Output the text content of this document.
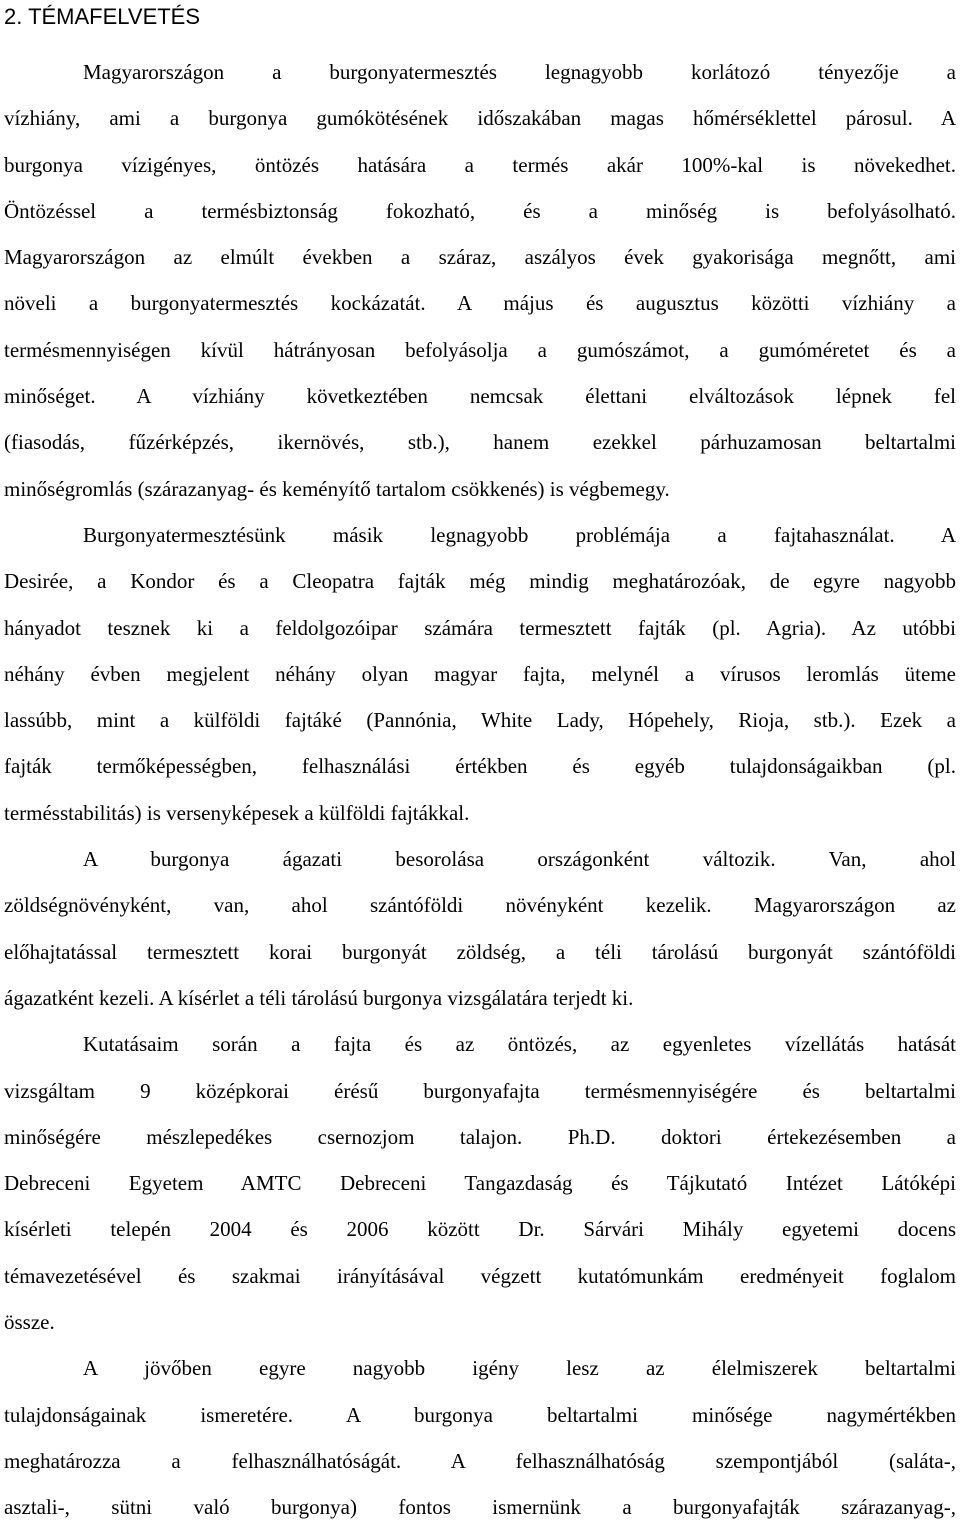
2. TÉMAFELVETÉS
Magyarországon a burgonyatermesztés legnagyobb korlátozó tényezője a
vízhiány, ami a burgonya gumókötésének időszakában magas hőmérséklettel párosul. A
burgonya vízigényes, öntözés hatására a termés akár 100%-kal is növekedhet.
Öntözéssel a termésbiztonság fokozható, és a minőség is befolyásolható.
Magyarországon az elmúlt években a száraz, aszályos évek gyakorisága megnőtt, ami
növeli a burgonyatermesztés kockázatát. A május és augusztus közötti vízhiány a
termésmennyiségen kívül hátrányosan befolyásolja a gumószámot, a gumóméretet és a
minőséget. A vízhiány következtében nemcsak élettani elváltozások lépnek fel
(fiasodás, fűzérképzés, ikernövés, stb.), hanem ezekkel párhuzamosan beltartalmi
minőségromlás (szárazanyag- és keményítő tartalom csökkenés) is végbemegy.
Burgonyatermesztésünk másik legnagyobb problémája a fajtahasználat. A
Desirée, a Kondor és a Cleopatra fajták még mindig meghatározóak, de egyre nagyobb
hányadot tesznek ki a feldolgozóipar számára termesztett fajták (pl. Agria). Az utóbbi
néhány évben megjelent néhány olyan magyar fajta, melynél a vírusos leromlás üteme
lassúbb, mint a külföldi fajtáké (Pannónia, White Lady, Hópehely, Rioja, stb.). Ezek a
fajták termőképességben, felhasználási értékben és egyéb tulajdonságaikban (pl.
termésstabilitás) is versenyképesek a külföldi fajtákkal.
A burgonya ágazati besorolása országonként változik. Van, ahol
zöldségnövényként, van, ahol szántóföldi növényként kezelik. Magyarországon az
előhajtatással termesztett korai burgonyát zöldség, a téli tárolású burgonyát szántóföldi
ágazatként kezeli. A kísérlet a téli tárolású burgonya vizsgálatára terjedt ki.
Kutatásaim során a fajta és az öntözés, az egyenletes vízellátás hatását
vizsgáltam 9 középkorai érésű burgonyafajta termésmennyiségére és beltartalmi
minőségére mészlepedékes csernozjom talajon. Ph.D. doktori értekezésemben a
Debreceni Egyetem AMTC Debreceni Tangazdaság és Tájkutató Intézet Látóképi
kísérleti telepén 2004 és 2006 között Dr. Sárvári Mihály egyetemi docens
témavezetésével és szakmai irányításával végzett kutatómunkám eredményeit foglalom
össze.
A jövőben egyre nagyobb igény lesz az élelmiszerek beltartalmi
tulajdonságainak ismeretére. A burgonya beltartalmi minősége nagymértékben
meghatározza a felhasználhatóságát. A felhasználhatóság szempontjából (saláta-,
asztali-, sütni való burgonya) fontos ismernünk a burgonyafajták szárazanyag-,
